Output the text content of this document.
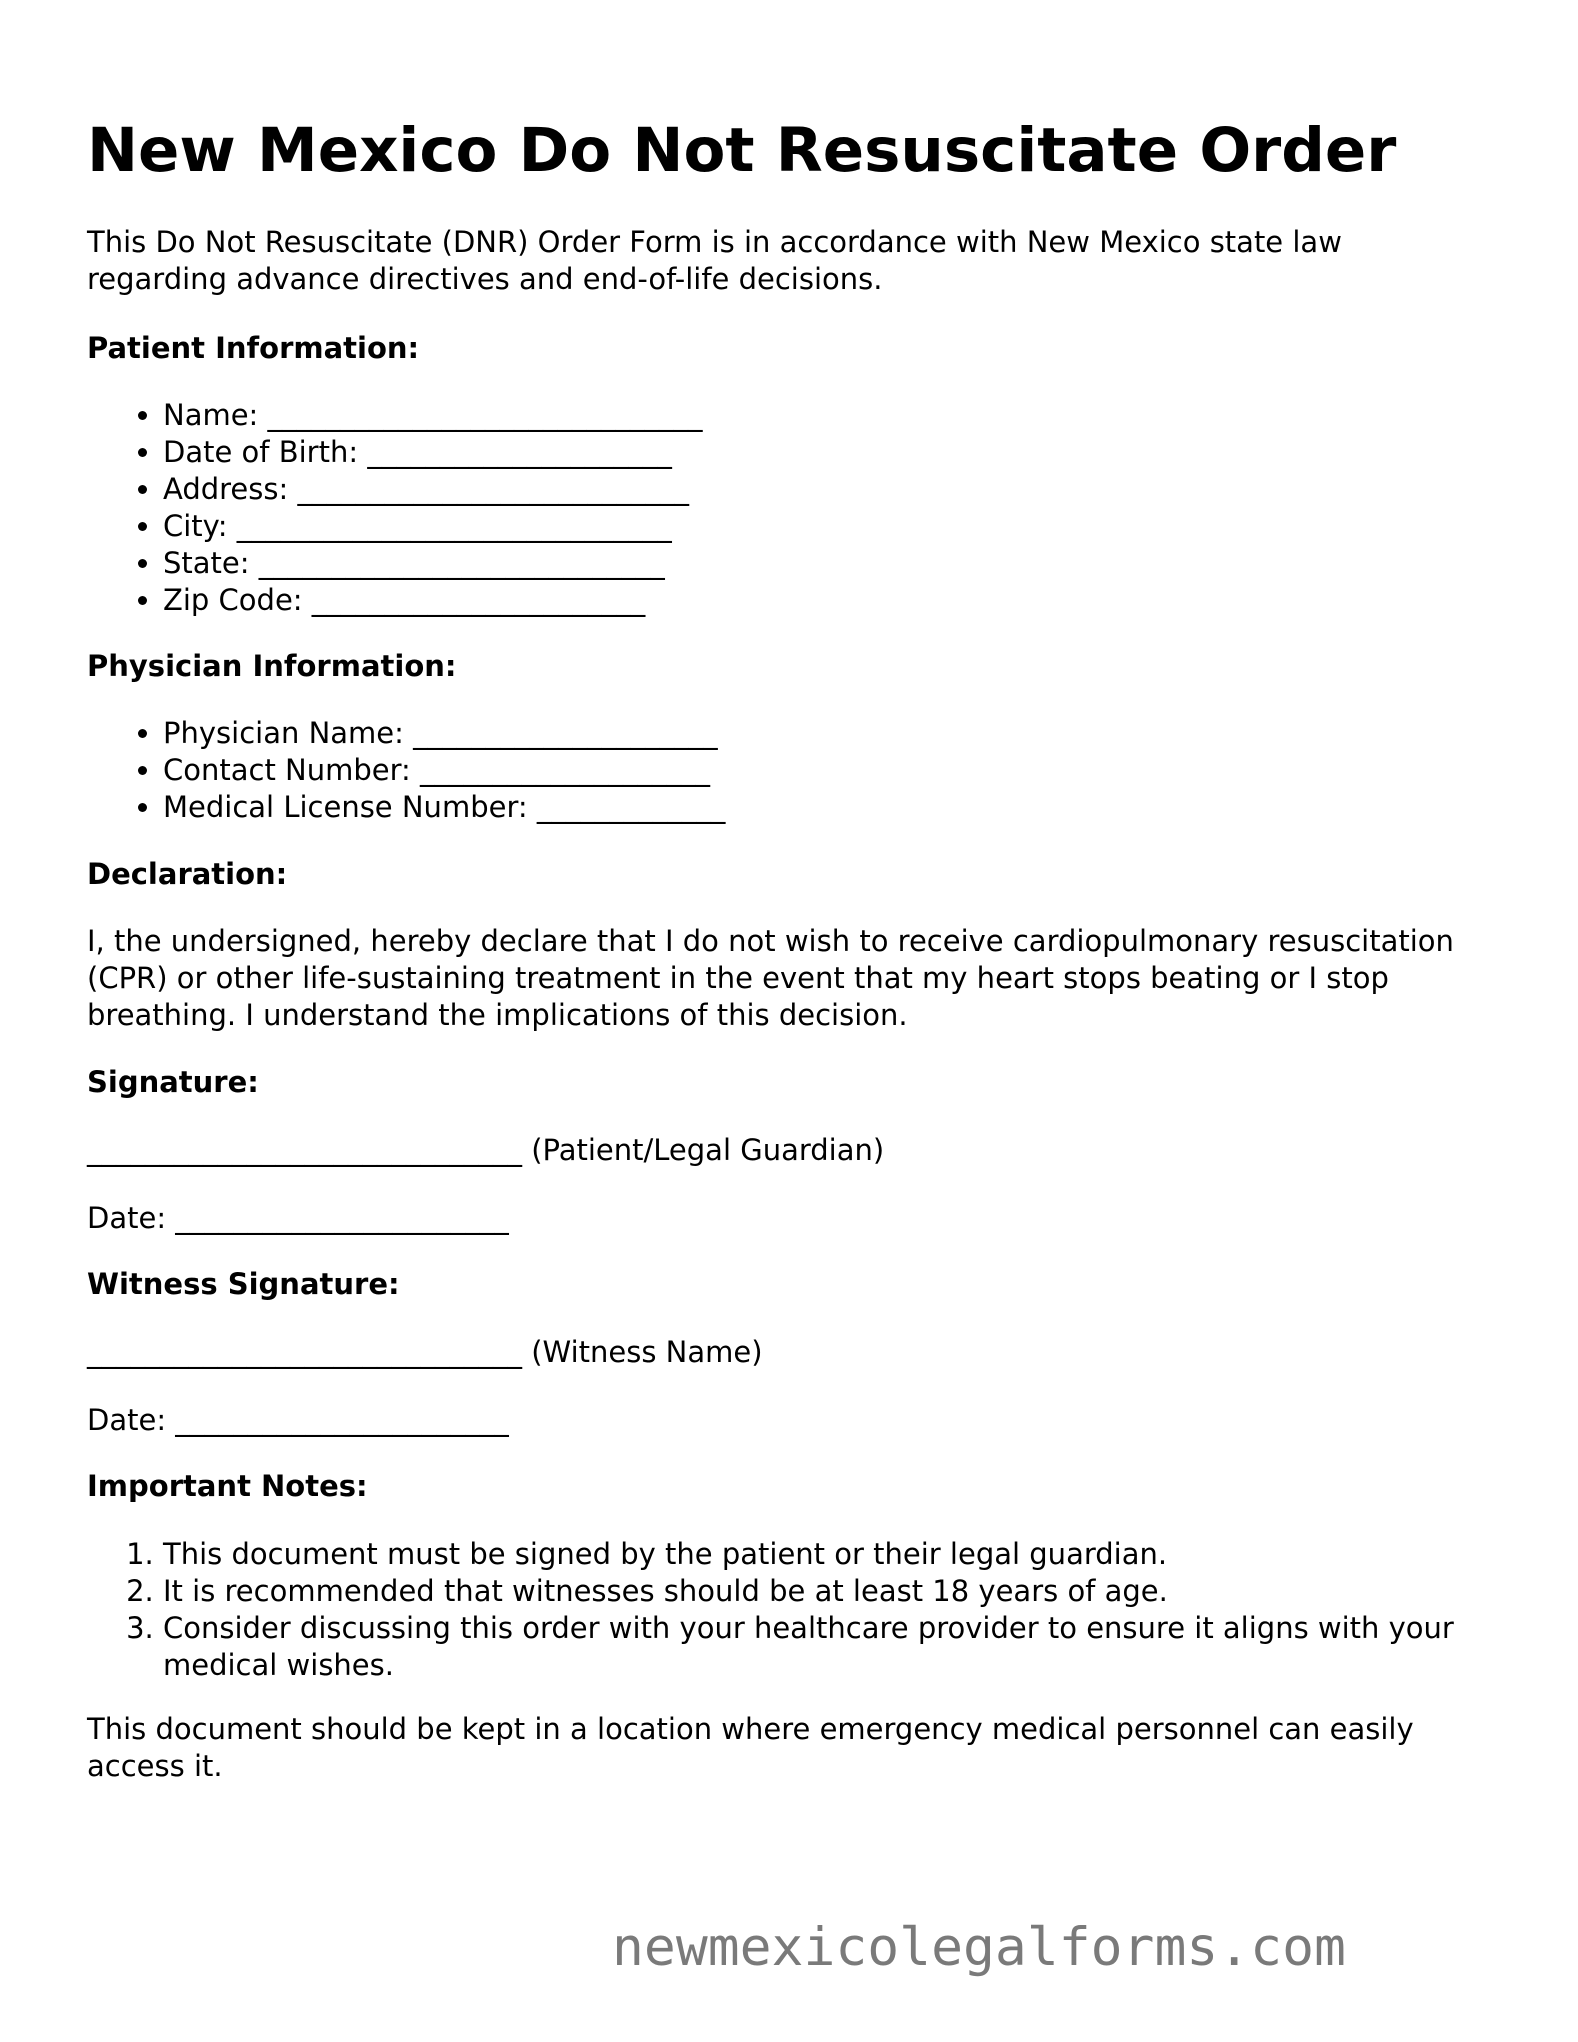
New Mexico Do Not Resuscitate Order

This Do Not Resuscitate (DNR) Order Form is in accordance with New Mexico state law regarding advance directives and end-of-life decisions.

Patient Information:
• Name: ______________________________
• Date of Birth: _____________________
• Address: ___________________________
• City: ______________________________
• State: ____________________________
• Zip Code: _______________________
Physician Information:
• Physician Name: _____________________
• Contact Number: ____________________
• Medical License Number: _____________
Declaration:

I, the undersigned, hereby declare that I do not wish to receive cardiopulmonary resuscitation (CPR) or other life-sustaining treatment in the event that my heart stops beating or I stop breathing. I understand the implications of this decision.

Signature:
______________________________ (Patient/Legal Guardian)
Date: _______________________
Witness Signature:
______________________________ (Witness Name)
Date: _______________________
Important Notes:
1. This document must be signed by the patient or their legal guardian.
2. It is recommended that witnesses should be at least 18 years of age.
3. Consider discussing this order with your healthcare provider to ensure it aligns with your medical wishes.

This document should be kept in a location where emergency medical personnel can easily access it.

newmexicolegalforms.com
